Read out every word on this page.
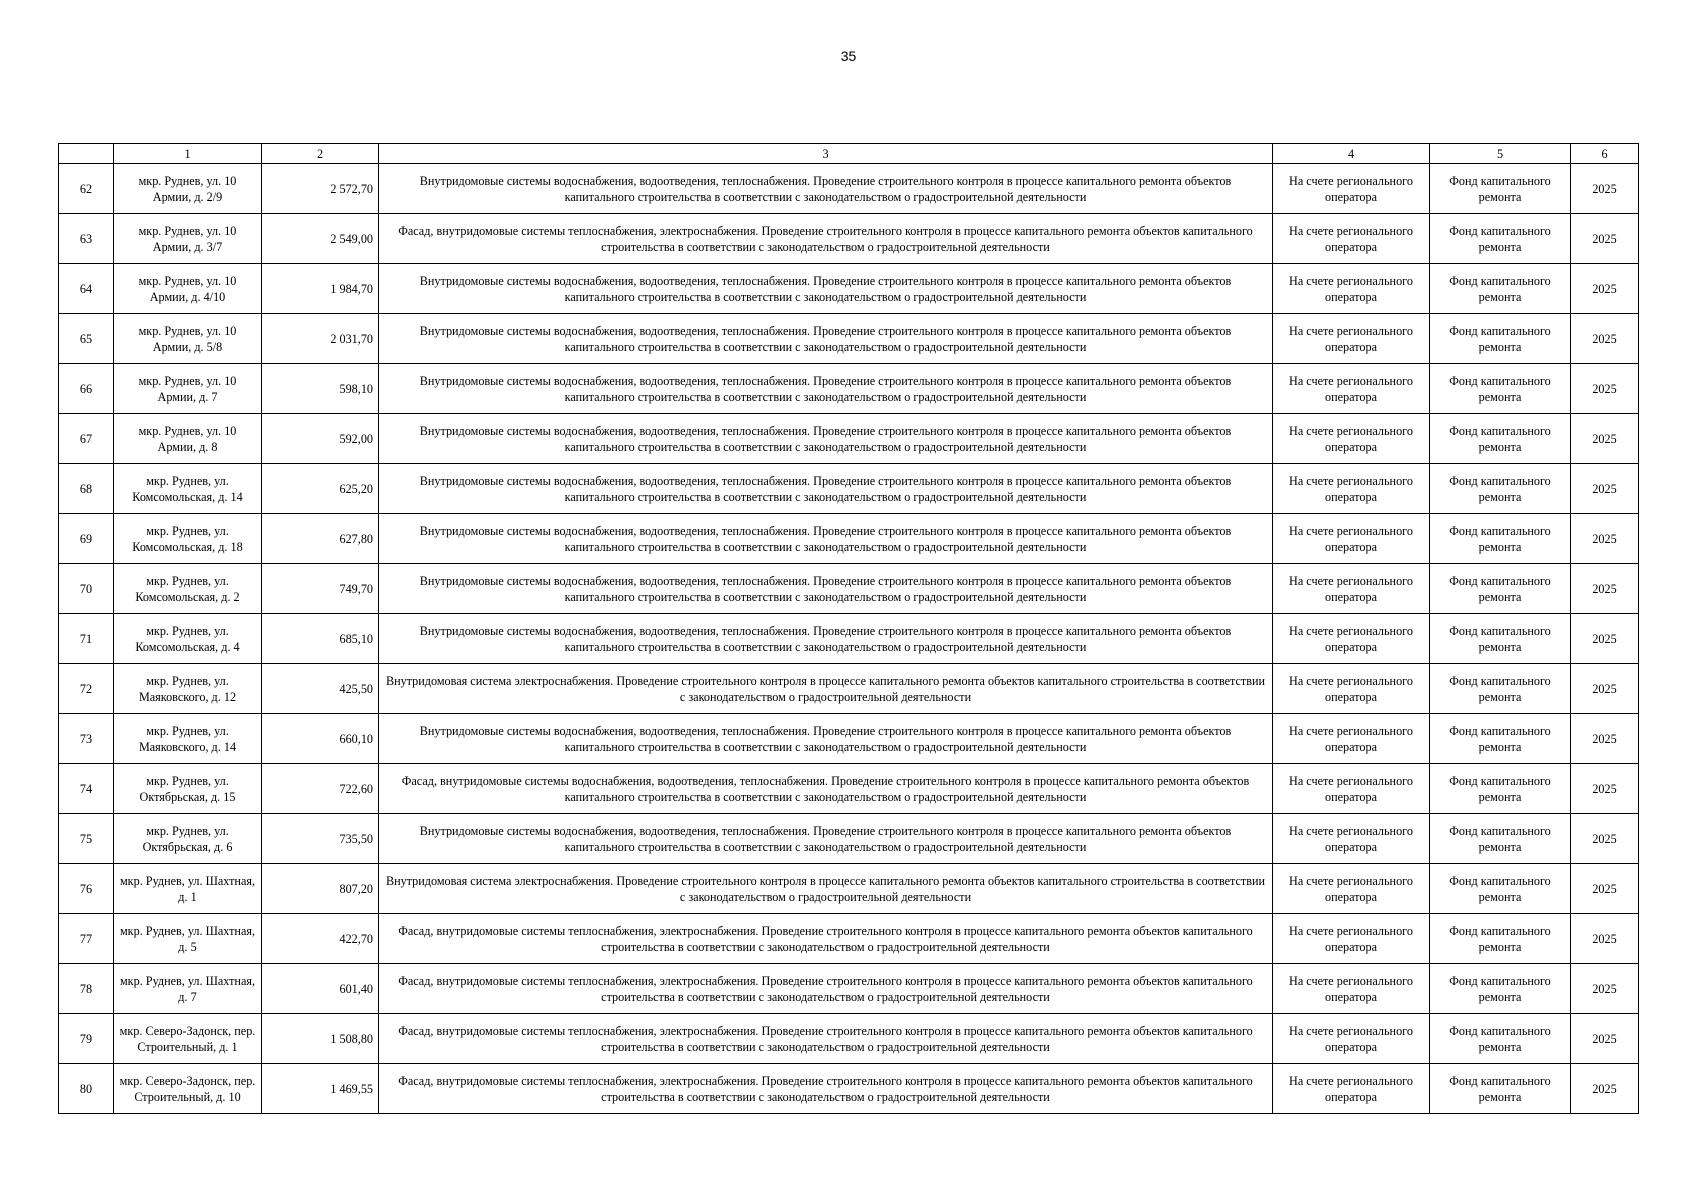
35
	1	2	3	4	5	6
62	мкр. Руднев, ул. 10 Армии, д. 2/9	2 572,70	Внутридомовые системы водоснабжения, водоотведения, теплоснабжения. Проведение строительного контроля в процессе капитального ремонта объектов капитального строительства в соответствии с законодательством о градостроительной деятельности	На счете регионального оператора	Фонд капитального ремонта	2025
63	мкр. Руднев, ул. 10 Армии, д. 3/7	2 549,00	Фасад, внутридомовые системы теплоснабжения, электроснабжения. Проведение строительного контроля в процессе капитального ремонта объектов капитального строительства в соответствии с законодательством о градостроительной деятельности	На счете регионального оператора	Фонд капитального ремонта	2025
64	мкр. Руднев, ул. 10 Армии, д. 4/10	1 984,70	Внутридомовые системы водоснабжения, водоотведения, теплоснабжения. Проведение строительного контроля в процессе капитального ремонта объектов капитального строительства в соответствии с законодательством о градостроительной деятельности	На счете регионального оператора	Фонд капитального ремонта	2025
65	мкр. Руднев, ул. 10 Армии, д. 5/8	2 031,70	Внутридомовые системы водоснабжения, водоотведения, теплоснабжения. Проведение строительного контроля в процессе капитального ремонта объектов капитального строительства в соответствии с законодательством о градостроительной деятельности	На счете регионального оператора	Фонд капитального ремонта	2025
66	мкр. Руднев, ул. 10 Армии, д. 7	598,10	Внутридомовые системы водоснабжения, водоотведения, теплоснабжения. Проведение строительного контроля в процессе капитального ремонта объектов капитального строительства в соответствии с законодательством о градостроительной деятельности	На счете регионального оператора	Фонд капитального ремонта	2025
67	мкр. Руднев, ул. 10 Армии, д. 8	592,00	Внутридомовые системы водоснабжения, водоотведения, теплоснабжения. Проведение строительного контроля в процессе капитального ремонта объектов капитального строительства в соответствии с законодательством о градостроительной деятельности	На счете регионального оператора	Фонд капитального ремонта	2025
68	мкр. Руднев, ул. Комсомольская, д. 14	625,20	Внутридомовые системы водоснабжения, водоотведения, теплоснабжения. Проведение строительного контроля в процессе капитального ремонта объектов капитального строительства в соответствии с законодательством о градостроительной деятельности	На счете регионального оператора	Фонд капитального ремонта	2025
69	мкр. Руднев, ул. Комсомольская, д. 18	627,80	Внутридомовые системы водоснабжения, водоотведения, теплоснабжения. Проведение строительного контроля в процессе капитального ремонта объектов капитального строительства в соответствии с законодательством о градостроительной деятельности	На счете регионального оператора	Фонд капитального ремонта	2025
70	мкр. Руднев, ул. Комсомольская, д. 2	749,70	Внутридомовые системы водоснабжения, водоотведения, теплоснабжения. Проведение строительного контроля в процессе капитального ремонта объектов капитального строительства в соответствии с законодательством о градостроительной деятельности	На счете регионального оператора	Фонд капитального ремонта	2025
71	мкр. Руднев, ул. Комсомольская, д. 4	685,10	Внутридомовые системы водоснабжения, водоотведения, теплоснабжения. Проведение строительного контроля в процессе капитального ремонта объектов капитального строительства в соответствии с законодательством о градостроительной деятельности	На счете регионального оператора	Фонд капитального ремонта	2025
72	мкр. Руднев, ул. Маяковского, д. 12	425,50	Внутридомовая система электроснабжения. Проведение строительного контроля в процессе капитального ремонта объектов капитального строительства в соответствии с законодательством о градостроительной деятельности	На счете регионального оператора	Фонд капитального ремонта	2025
73	мкр. Руднев, ул. Маяковского, д. 14	660,10	Внутридомовые системы водоснабжения, водоотведения, теплоснабжения. Проведение строительного контроля в процессе капитального ремонта объектов капитального строительства в соответствии с законодательством о градостроительной деятельности	На счете регионального оператора	Фонд капитального ремонта	2025
74	мкр. Руднев, ул. Октябрьская, д. 15	722,60	Фасад, внутридомовые системы водоснабжения, водоотведения, теплоснабжения. Проведение строительного контроля в процессе капитального ремонта объектов капитального строительства в соответствии с законодательством о градостроительной деятельности	На счете регионального оператора	Фонд капитального ремонта	2025
75	мкр. Руднев, ул. Октябрьская, д. 6	735,50	Внутридомовые системы водоснабжения, водоотведения, теплоснабжения. Проведение строительного контроля в процессе капитального ремонта объектов капитального строительства в соответствии с законодательством о градостроительной деятельности	На счете регионального оператора	Фонд капитального ремонта	2025
76	мкр. Руднев, ул. Шахтная, д. 1	807,20	Внутридомовая система электроснабжения. Проведение строительного контроля в процессе капитального ремонта объектов капитального строительства в соответствии с законодательством о градостроительной деятельности	На счете регионального оператора	Фонд капитального ремонта	2025
77	мкр. Руднев, ул. Шахтная, д. 5	422,70	Фасад, внутридомовые системы теплоснабжения, электроснабжения. Проведение строительного контроля в процессе капитального ремонта объектов капитального строительства в соответствии с законодательством о градостроительной деятельности	На счете регионального оператора	Фонд капитального ремонта	2025
78	мкр. Руднев, ул. Шахтная, д. 7	601,40	Фасад, внутридомовые системы теплоснабжения, электроснабжения. Проведение строительного контроля в процессе капитального ремонта объектов капитального строительства в соответствии с законодательством о градостроительной деятельности	На счете регионального оператора	Фонд капитального ремонта	2025
79	мкр. Северо-Задонск, пер. Строительный, д. 1	1 508,80	Фасад, внутридомовые системы теплоснабжения, электроснабжения. Проведение строительного контроля в процессе капитального ремонта объектов капитального строительства в соответствии с законодательством о градостроительной деятельности	На счете регионального оператора	Фонд капитального ремонта	2025
80	мкр. Северо-Задонск, пер. Строительный, д. 10	1 469,55	Фасад, внутридомовые системы теплоснабжения, электроснабжения. Проведение строительного контроля в процессе капитального ремонта объектов капитального строительства в соответствии с законодательством о градостроительной деятельности	На счете регионального оператора	Фонд капитального ремонта	2025
